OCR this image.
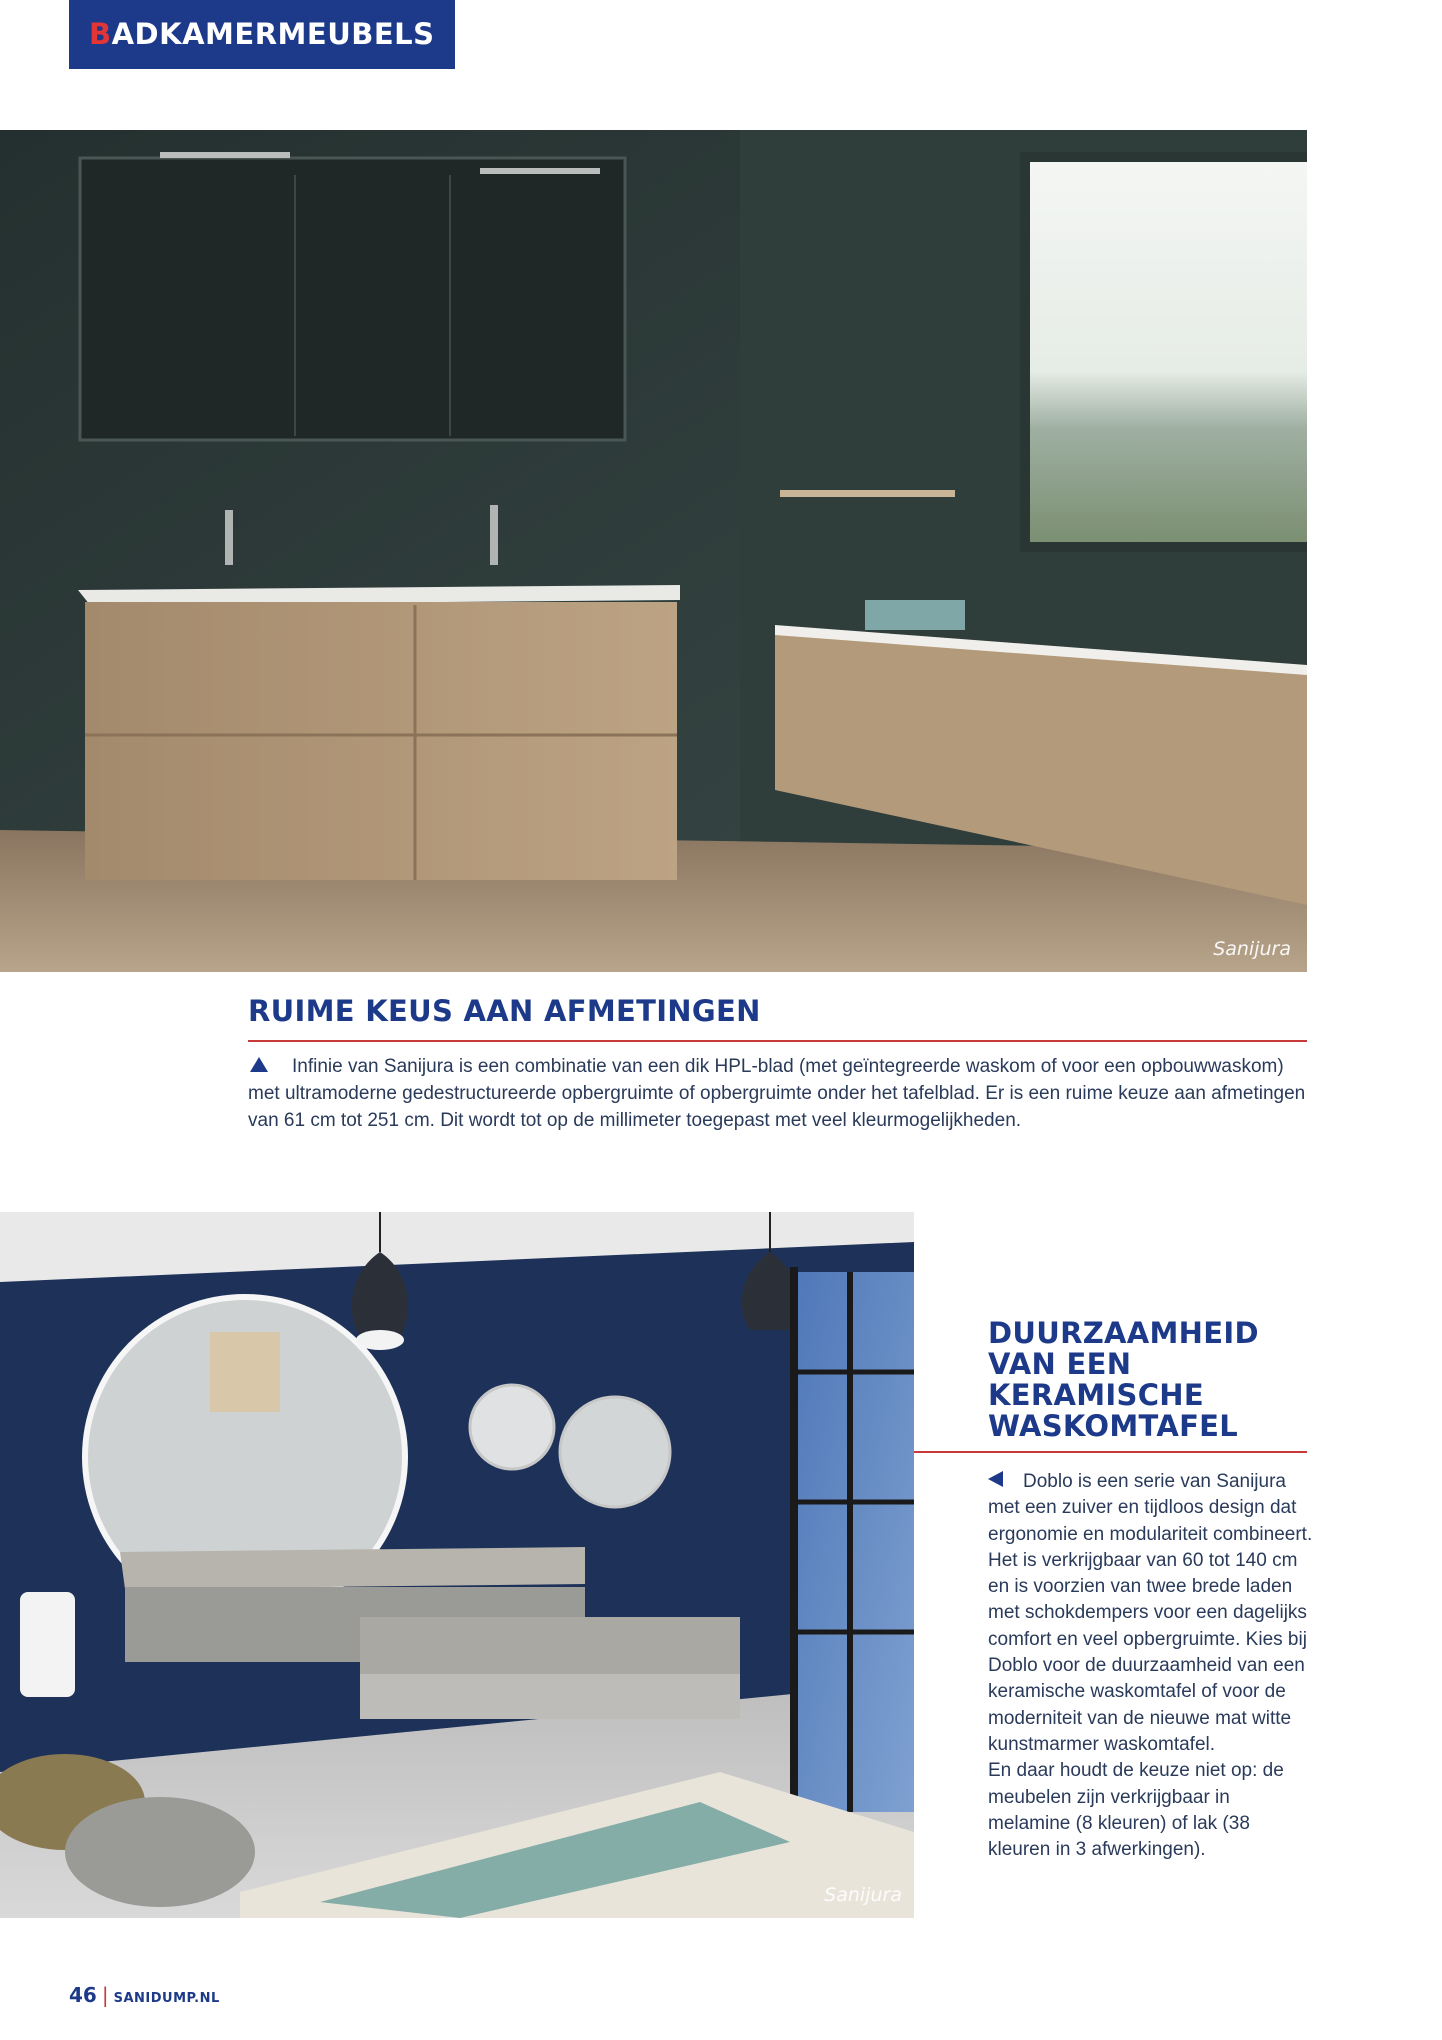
BADKAMERMEUBELS
Sanijura
RUIME KEUS AAN AFMETINGEN

Infinie van Sanijura is een combinatie van een dik HPL-blad (met geïntegreerde waskom of voor een opbouwwaskom) met ultramoderne gedestructureerde opbergruimte of opbergruimte onder het tafelblad. Er is een ruime keuze aan afmetingen van 61 cm tot 251 cm. Dit wordt tot op de millimeter toegepast met veel kleurmogelijkheden.

Sanijura
DUURZAAMHEID
VAN EEN
KERAMISCHE
WASKOMTAFEL

Doblo is een serie van Sanijura met een zuiver en tijdloos design dat ergonomie en modulariteit combineert. Het is verkrijgbaar van 60 tot 140 cm en is voorzien van twee brede laden met schokdempers voor een dagelijks comfort en veel opbergruimte. Kies bij Doblo voor de duurzaamheid van een keramische waskomtafel of voor de moderniteit van de nieuwe mat witte kunstmarmer waskomtafel.
En daar houdt de keuze niet op: de meubelen zijn verkrijgbaar in melamine (8 kleuren) of lak (38 kleuren in 3 afwerkingen).

46 | SANIDUMP.NL
